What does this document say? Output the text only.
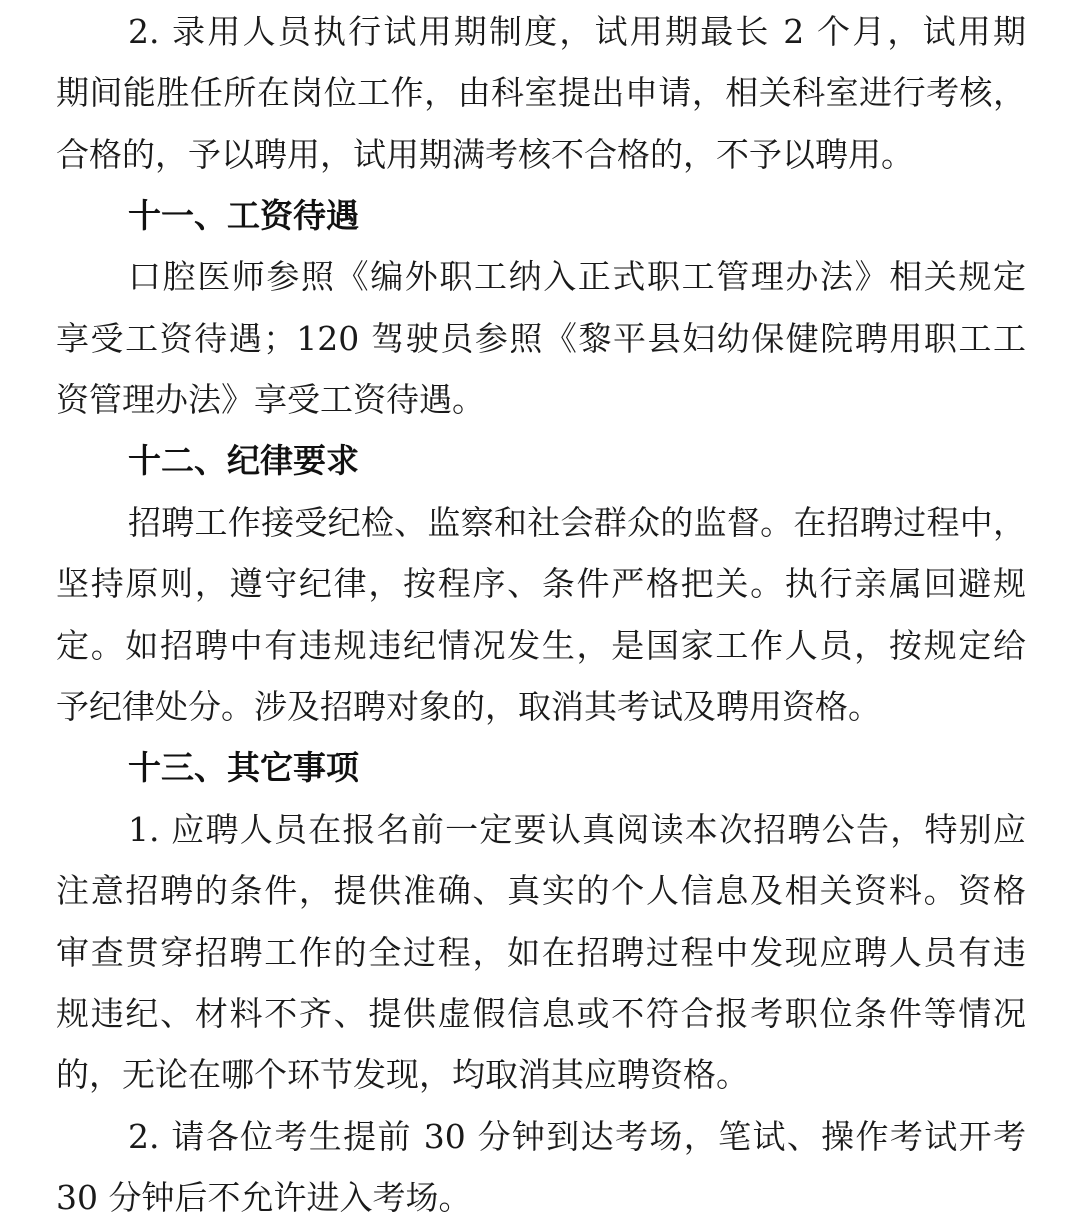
2. 录用人员执行试用期制度，试用期最长 2 个月，试用期
期间能胜任所在岗位工作，由科室提出申请，相关科室进行考核，
合格的，予以聘用，试用期满考核不合格的，不予以聘用。
十一、工资待遇
口腔医师参照《编外职工纳入正式职工管理办法》相关规定
享受工资待遇；120 驾驶员参照《黎平县妇幼保健院聘用职工工
资管理办法》享受工资待遇。
十二、纪律要求
招聘工作接受纪检、监察和社会群众的监督。在招聘过程中，
坚持原则，遵守纪律，按程序、条件严格把关。执行亲属回避规
定。如招聘中有违规违纪情况发生，是国家工作人员，按规定给
予纪律处分。涉及招聘对象的，取消其考试及聘用资格。
十三、其它事项
1. 应聘人员在报名前一定要认真阅读本次招聘公告，特别应
注意招聘的条件，提供准确、真实的个人信息及相关资料。资格
审查贯穿招聘工作的全过程，如在招聘过程中发现应聘人员有违
规违纪、材料不齐、提供虚假信息或不符合报考职位条件等情况
的，无论在哪个环节发现，均取消其应聘资格。
2. 请各位考生提前 30 分钟到达考场，笔试、操作考试开考
30 分钟后不允许进入考场。
